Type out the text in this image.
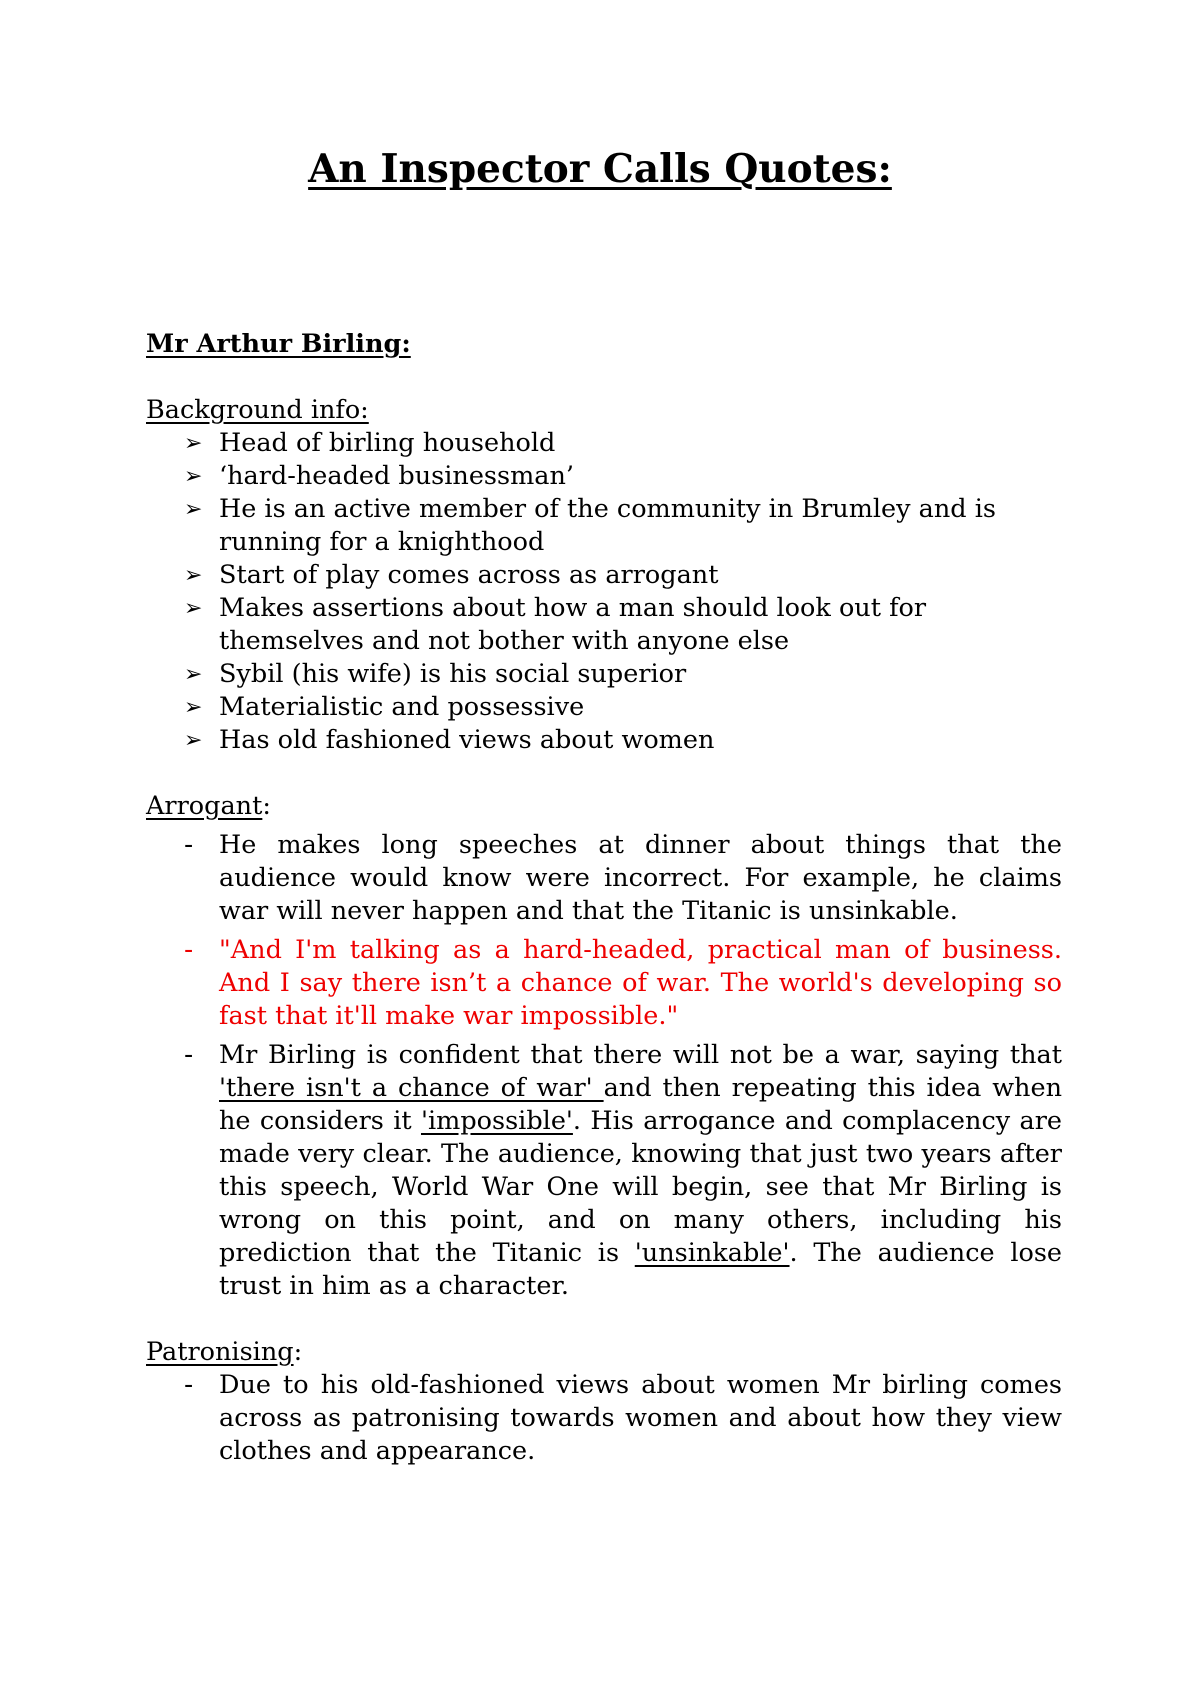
An Inspector Calls Quotes:

Mr Arthur Birling:

Background info:

➢ Head of birling household
➢ ‘hard-headed businessman’
➢ He is an active member of the community in Brumley and is running for a knighthood
➢ Start of play comes across as arrogant
➢ Makes assertions about how a man should look out for themselves and not bother with anyone else
➢ Sybil (his wife) is his social superior
➢ Materialistic and possessive
➢ Has old fashioned views about women

Arrogant:

- He makes long speeches at dinner about things that the audience would know were incorrect. For example, he claims war will never happen and that the Titanic is unsinkable.
- "And I'm talking as a hard-headed, practical man of business. And I say there isn’t a chance of war. The world's developing so fast that it'll make war impossible."
- Mr Birling is confident that there will not be a war, saying that 'there isn't a chance of war' and then repeating this idea when he considers it 'impossible'. His arrogance and complacency are made very clear. The audience, knowing that just two years after this speech, World War One will begin, see that Mr Birling is wrong on this point, and on many others, including his prediction that the Titanic is 'unsinkable'. The audience lose trust in him as a character.

Patronising:

- Due to his old-fashioned views about women Mr birling comes across as patronising towards women and about how they view clothes and appearance.
